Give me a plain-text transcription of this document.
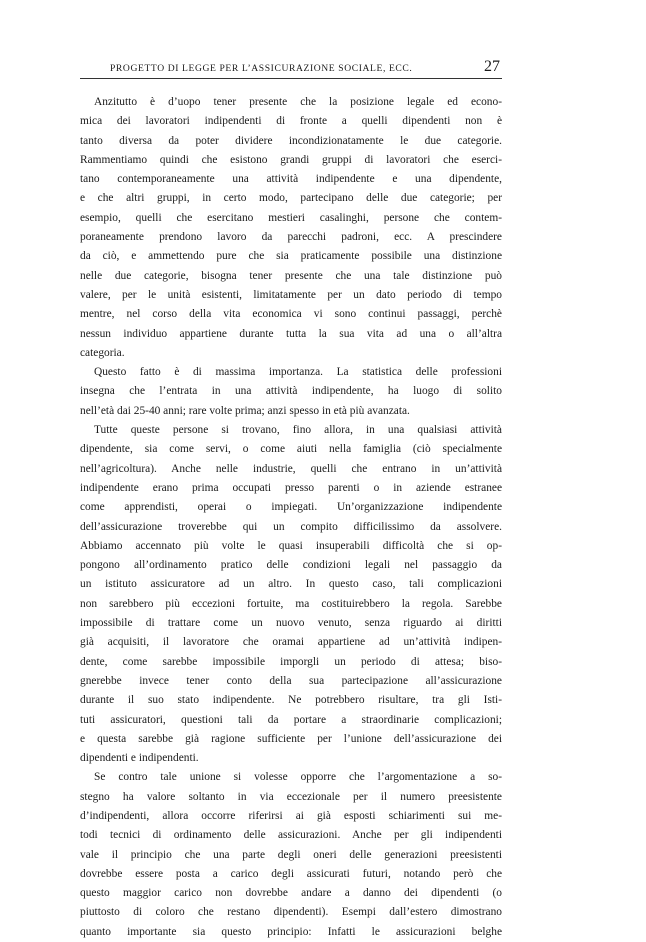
PROGETTO DI LEGGE PER L’ASSICURAZIONE SOCIALE, ECC.	27
Anzitutto è d’uopo tener presente che la posizione legale ed econo-
mica dei lavoratori indipendenti di fronte a quelli dipendenti non è
tanto diversa da poter dividere incondizionatamente le due categorie.
Rammentiamo quindi che esistono grandi gruppi di lavoratori che eserci-
tano contemporaneamente una attività indipendente e una dipendente,
e che altri gruppi, in certo modo, partecipano delle due categorie; per
esempio, quelli che esercitano mestieri casalinghi, persone che contem-
poraneamente prendono lavoro da parecchi padroni, ecc. A prescindere
da ciò, e ammettendo pure che sia praticamente possibile una distinzione
nelle due categorie, bisogna tener presente che una tale distinzione può
valere, per le unità esistenti, limitatamente per un dato periodo di tempo
mentre, nel corso della vita economica vi sono continui passaggi, perchè
nessun individuo appartiene durante tutta la sua vita ad una o all’altra
categoria.
Questo fatto è di massima importanza. La statistica delle professioni
insegna che l’entrata in una attività indipendente, ha luogo di solito
nell’età dai 25-40 anni; rare volte prima; anzi spesso in età più avanzata.
Tutte queste persone si trovano, fino allora, in una qualsiasi attività
dipendente, sia come servi, o come aiuti nella famiglia (ciò specialmente
nell’agricoltura). Anche nelle industrie, quelli che entrano in un’attività
indipendente erano prima occupati presso parenti o in aziende estranee
come apprendisti, operai o impiegati. Un’organizzazione indipendente
dell’assicurazione troverebbe qui un compito difficilissimo da assolvere.
Abbiamo accennato più volte le quasi insuperabili difficoltà che si op-
pongono all’ordinamento pratico delle condizioni legali nel passaggio da
un istituto assicuratore ad un altro. In questo caso, tali complicazioni
non sarebbero più eccezioni fortuite, ma costituirebbero la regola. Sarebbe
impossibile di trattare come un nuovo venuto, senza riguardo ai diritti
già acquisiti, il lavoratore che oramai appartiene ad un’attività indipen-
dente, come sarebbe impossibile imporgli un periodo di attesa; biso-
gnerebbe invece tener conto della sua partecipazione all’assicurazione
durante il suo stato indipendente. Ne potrebbero risultare, tra gli Isti-
tuti assicuratori, questioni tali da portare a straordinarie complicazioni;
e questa sarebbe già ragione sufficiente per l’unione dell’assicurazione dei
dipendenti e indipendenti.
Se contro tale unione si volesse opporre che l’argomentazione a so-
stegno ha valore soltanto in via eccezionale per il numero preesistente
d’indipendenti, allora occorre riferirsi ai già esposti schiarimenti sui me-
todi tecnici di ordinamento delle assicurazioni. Anche per gli indipendenti
vale il principio che una parte degli oneri delle generazioni preesistenti
dovrebbe essere posta a carico degli assicurati futuri, notando però che
questo maggior carico non dovrebbe andare a danno dei dipendenti (o
piuttosto di coloro che restano dipendenti). Esempi dall’estero dimostrano
quanto importante sia questo principio: Infatti le assicurazioni belghe
